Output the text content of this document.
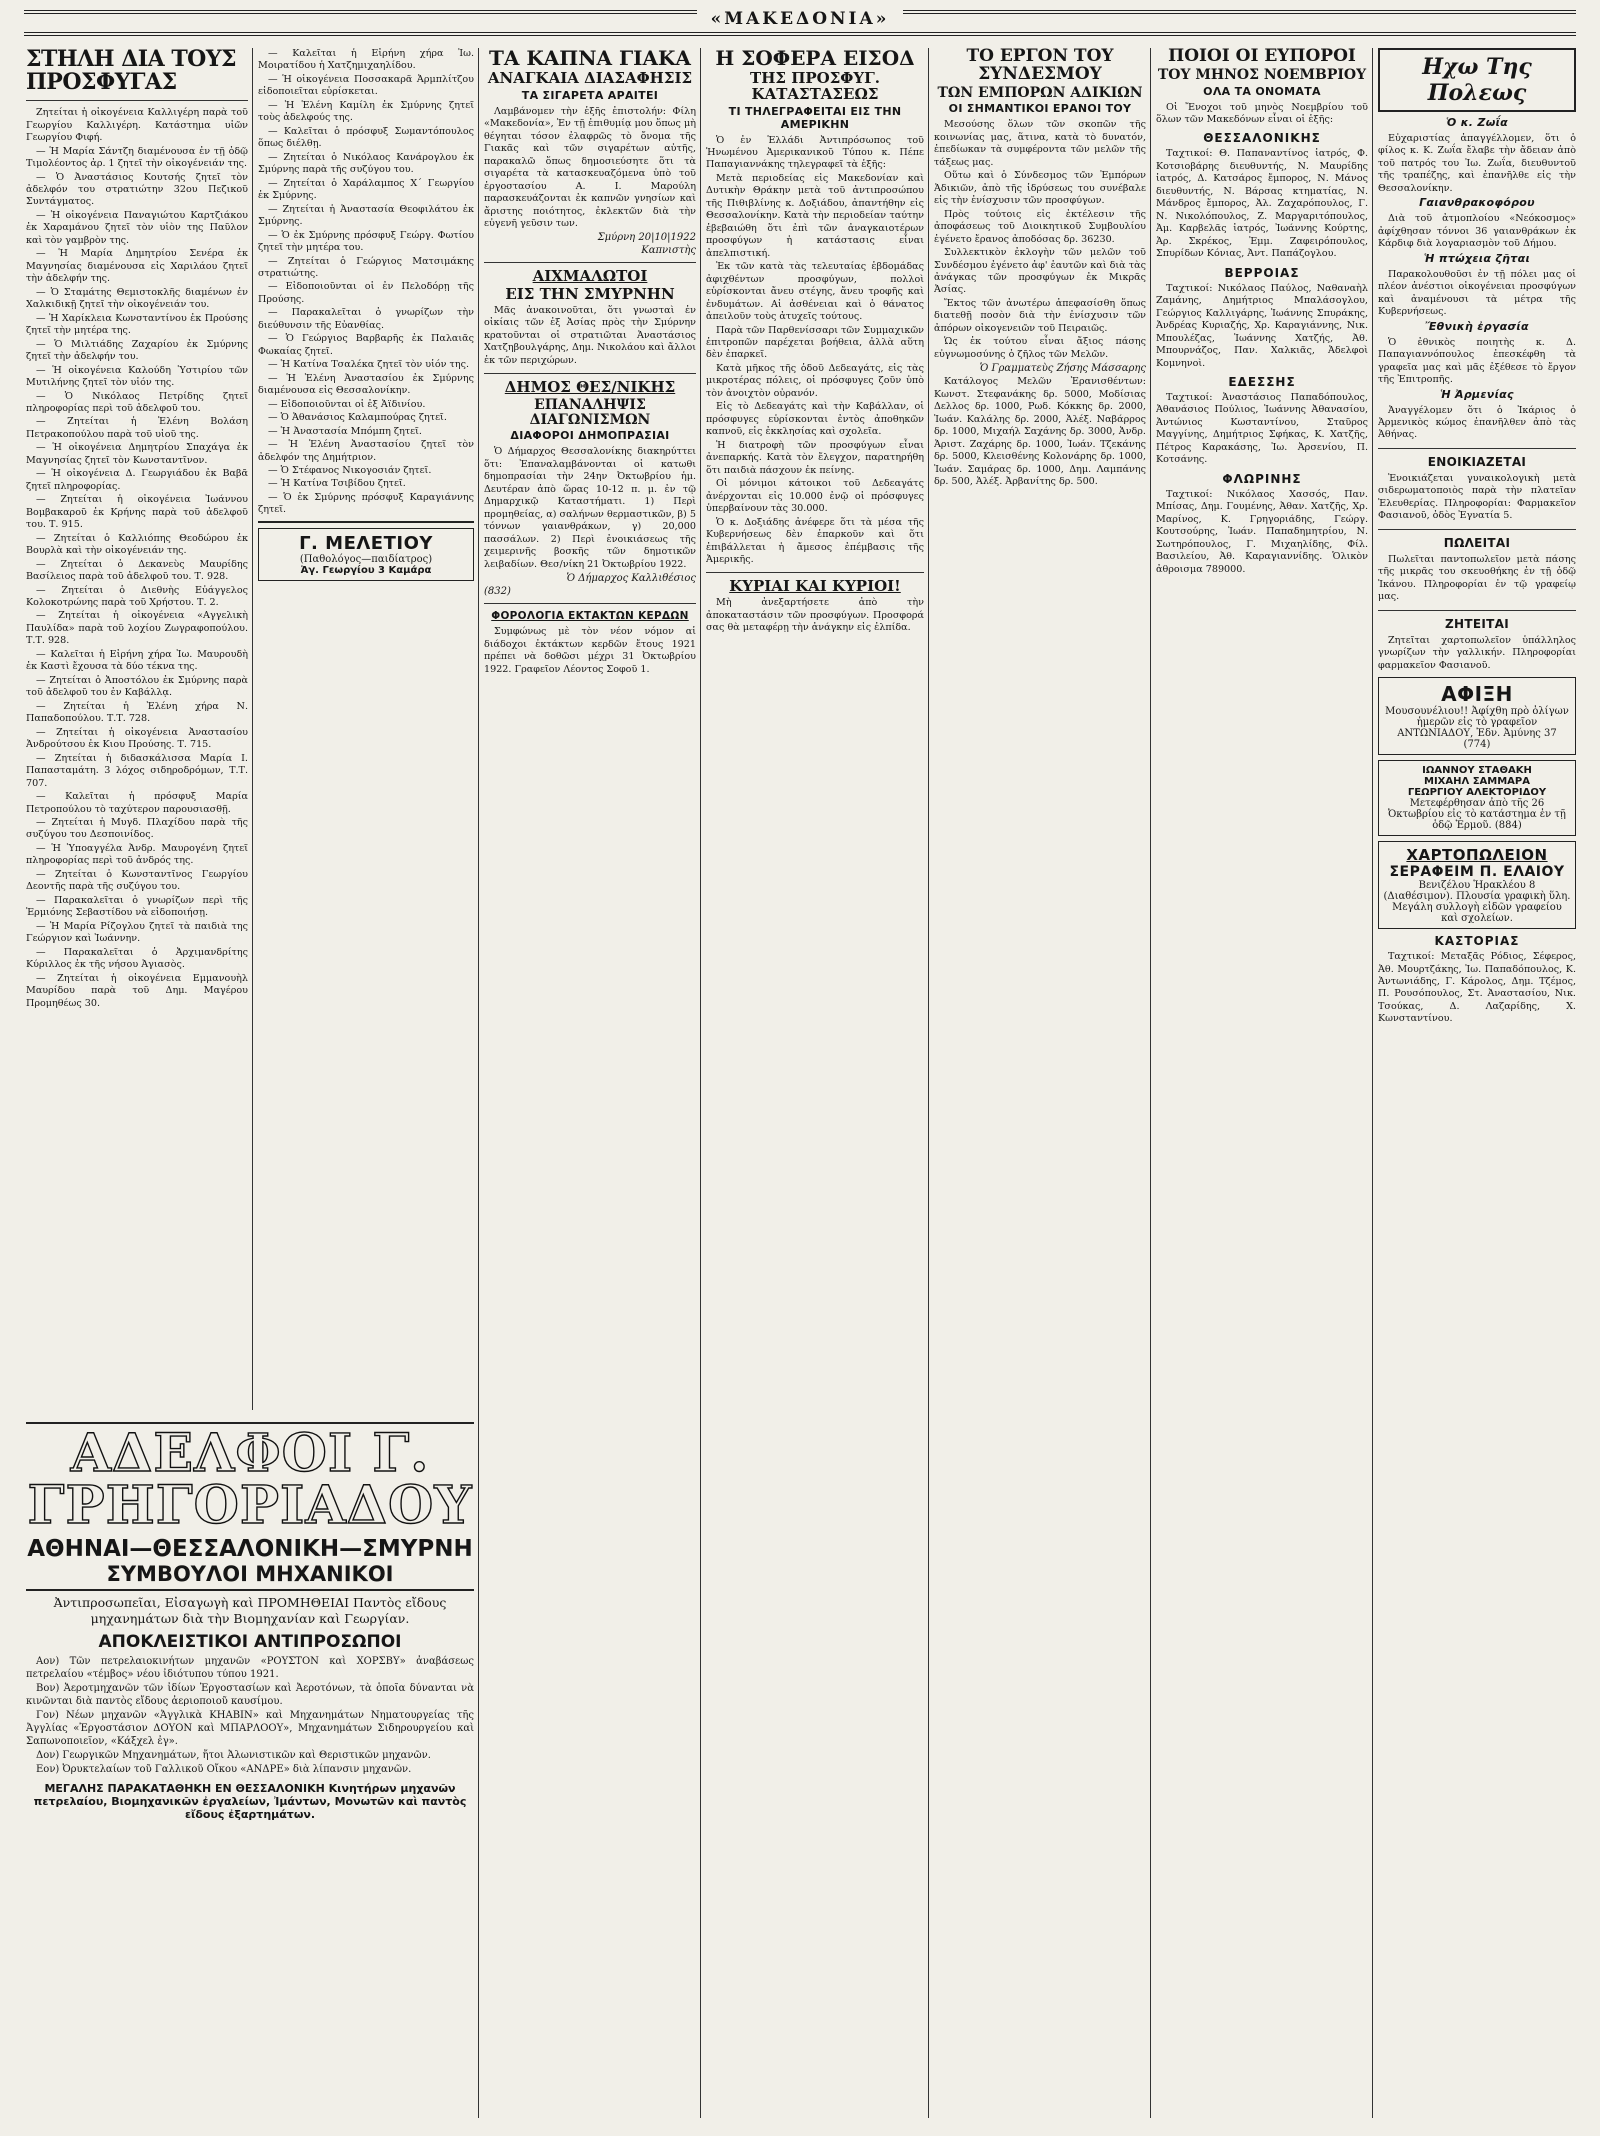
«ΜΑΚΕΔΟΝΙΑ»
ΣΤΗΛΗ ΔΙΑ ΤΟΥΣ ΠΡΟΣΦΥΓΑΣ

Ζητείται ἡ οἰκογένεια Καλλιγέρη παρὰ τοῦ Γεωργίου Καλλιγέρη. Κατάστημα υἱῶν Γεωργίου Φιφή.

— Ἡ Μαρία Σάντζη διαμένουσα ἐν τῇ ὁδῷ Τιμολέοντος ἀρ. 1 ζητεῖ τὴν οἰκογένειάν της.

— Ὁ Ἀναστάσιος Κουτσής ζητεῖ τὸν ἀδελφόν του στρατιώτην 32ου Πεζικοῦ Συντάγματος.

— Ἡ οἰκογένεια Παναγιώτου Καρτζιάκου ἐκ Χαραμάνου ζητεῖ τὸν υἱὸν της Παῦλον καὶ τὸν γαμβρὸν της.

— Ἡ Μαρία Δημητρίου Σενέρα ἐκ Μαγνησίας διαμένουσα εἰς Χαριλάου ζητεῖ τὴν ἀδελφήν της.

— Ὁ Σταμάτης Θεμιστοκλῆς διαμένων ἐν Χαλκιδικῇ ζητεῖ τὴν οἰκογένειάν του.

— Ἡ Χαρίκλεια Κωνσταντίνου ἐκ Προύσης ζητεῖ τὴν μητέρα της.

— Ὁ Μιλτιάδης Ζαχαρίου ἐκ Σμύρνης ζητεῖ τὴν ἀδελφήν του.

— Ἡ οἰκογένεια Καλούδη Ὑστιρίου τῶν Μυτιλήνης ζητεῖ τὸν υἱόν της.

— Ὁ Νικόλαος Πετρίδης ζητεῖ πληροφορίας περὶ τοῦ ἀδελφοῦ του.

— Ζητείται ἡ Ἑλένη Βολάση Πετρακοπούλου παρὰ τοῦ υἱοῦ της.

— Ἡ οἰκογένεια Δημητρίου Σπαχάγα ἐκ Μαγνησίας ζητεῖ τὸν Κωνσταντῖνον.

— Ἡ οἰκογένεια Δ. Γεωργιάδου ἐκ Βαβᾶ ζητεῖ πληροφορίας.

— Ζητείται ἡ οἰκογένεια Ἰωάννου Βομβακαροῦ ἐκ Κρήνης παρὰ τοῦ ἀδελφοῦ του. Τ. 915.

— Ζητείται ὁ Καλλιόπης Θεοδώρου ἐκ Βουρλὰ καὶ τὴν οἰκογένειάν της.

— Ζητείται ὁ Δεκανεὺς Μαυρίδης Βασίλειος παρὰ τοῦ ἀδελφοῦ του. Τ. 928.

— Ζητείται ὁ Διεθνὴς Εὐάγγελος Κολοκοτρώνης παρὰ τοῦ Χρήστου. Τ. 2.

— Ζητείται ἡ οἰκογένεια «Αγγελικὴ Παυλίδα» παρὰ τοῦ λοχίου Ζωγραφοπούλου. Τ.Τ. 928.

— Καλεῖται ἡ Εἰρήνη χήρα Ἰω. Μαυρουδὴ ἐκ Καστὶ ἔχουσα τὰ δύο τέκνα της.

— Ζητείται ὁ Ἀποστόλου ἐκ Σμύρνης παρὰ τοῦ ἀδελφοῦ του ἐν Καβάλλᾳ.

— Ζητείται ἡ Ἐλένη χήρα Ν. Παπαδοπούλου. Τ.Τ. 728.

— Ζητείται ἡ οἰκογένεια Ἀναστασίου Ἀνδρούτσου ἐκ Κιου Προύσης. Τ. 715.

— Ζητείται ἡ διδασκάλισσα Μαρία Ι. Παπασταμάτη. 3 λόχος σιδηροδρόμων, Τ.Τ. 707.

— Καλεῖται ἡ πρόσφυξ Μαρία Πετροπούλου τὸ ταχύτερον παρουσιασθῇ.

— Ζητείται ἡ Μυγδ. Πλαχίδου παρὰ τῆς συζύγου του Δεσποινίδος.

— Ἡ Ὑποαγγέλα Ἀνδρ. Μαυρογένη ζητεῖ πληροφορίας περὶ τοῦ ἀνδρός της.

— Ζητείται ὁ Κωνσταντῖνος Γεωργίου Δεοντῆς παρὰ τῆς συζύγου του.

— Παρακαλεῖται ὁ γνωρίζων περὶ τῆς Ἐρμιόνης Σεβαστίδου νὰ εἰδοποιήσῃ.

— Ἡ Μαρία Ρίζογλου ζητεῖ τὰ παιδιὰ της Γεώργιον καὶ Ἰωάννην.

— Παρακαλεῖται ὁ Ἀρχιμανδρίτης Κύριλλος ἐκ τῆς νήσου Ἀγιασὸς.

— Ζητείται ἡ οἰκογένεια Εμμανουὴλ Μαυρίδου παρὰ τοῦ Δημ. Μαγέρου Προμηθέως 30.

— Καλεῖται ἡ Εἰρήνη χήρα Ἰω. Μοιρατίδου ἡ Χατζημιχαηλίδου.

— Ἡ οἰκογένεια Ποσσακαρᾶ Ἀρμπλίτζου εἰδοποιεῖται εὑρίσκεται.

— Ἡ Ἑλένη Καμίλη ἐκ Σμύρνης ζητεῖ τοὺς ἀδελφούς της.

— Καλεῖται ὁ πρόσφυξ Σωμαντόπουλος ὅπως διέλθῃ.

— Ζητείται ὁ Νικόλαος Κανάρογλου ἐκ Σμύρνης παρὰ τῆς συζύγου του.

— Ζητείται ὁ Χαράλαμπος Χ΄ Γεωργίου ἐκ Σμύρνης.

— Ζητείται ἡ Ἀναστασία Θεοφιλάτου ἐκ Σμύρνης.

— Ὁ ἐκ Σμύρνης πρόσφυξ Γεώργ. Φωτίου ζητεῖ τὴν μητέρα του.

— Ζητείται ὁ Γεώργιος Ματσιμάκης στρατιώτης.

— Εἰδοποιοῦνται οἱ ἐν Πελοδόρῃ τῆς Προύσης.

— Παρακαλεῖται ὁ γνωρίζων τὴν διεύθυνσιν τῆς Εὐανθίας.

— Ὁ Γεώργιος Βαρβαρῆς ἐκ Παλαιᾶς Φωκαίας ζητεῖ.

— Ἡ Κατίνα Τσαλέκα ζητεῖ τὸν υἱόν της.

— Ἡ Ἑλένη Ἀναστασίου ἐκ Σμύρνης διαμένουσα εἰς Θεσσαλονίκην.

— Εἰδοποιοῦνται οἱ ἐξ Ἀϊδινίου.

— Ὁ Ἀθανάσιος Καλαμπούρας ζητεῖ.

— Ἡ Ἀναστασία Μπόμπη ζητεῖ.

— Ἡ Ἑλένη Ἀναστασίου ζητεῖ τὸν ἀδελφόν της Δημήτριον.

— Ὁ Στέφανος Νικογοσιάν ζητεῖ.

— Ἡ Κατίνα Τσιβίδου ζητεῖ.

— Ὁ ἐκ Σμύρνης πρόσφυξ Καραγιάννης ζητεῖ.

Γ. ΜΕΛΕΤΙΟΥ
(Παθολόγος—παιδίατρος)
Ἀγ. Γεωργίου 3 Καμάρα
ΑΔΕΛΦΟΙ Γ. ΓΡΗΓΟΡΙΑΔΟΥ
ΑΘΗΝΑΙ—ΘΕΣΣΑΛΟΝΙΚΗ—ΣΜΥΡΝΗ
ΣΥΜΒΟΥΛΟΙ ΜΗΧΑΝΙΚΟΙ
Ἀντιπροσωπεῖαι, Εἰσαγωγὴ καὶ ΠΡΟΜΗΘΕΙΑΙ Παντὸς εἴδους μηχανημάτων διὰ τὴν Βιομηχανίαν καὶ Γεωργίαν.
ΑΠΟΚΛΕΙΣΤΙΚΟΙ ΑΝΤΙΠΡΟΣΩΠΟΙ

Αον) Τῶν πετρελαιοκινήτων μηχανῶν «ΡΟΥΣΤΟΝ καὶ ΧΟΡΣΒΥ» ἀναβάσεως πετρελαίου «τέμβος» νέου ἰδιότυπου τύπου 1921.

Βον) Ἀεροτμηχανῶν τῶν ἰδίων Ἐργοστασίων καὶ Ἀεροτόνων, τὰ ὁποῖα δύνανται νὰ κινῶνται διὰ παντὸς εἴδους ἀεριοποιοῦ καυσίμου.

Γον) Νέων μηχανῶν «Ἀγγλικὰ ΚΗΑΒΙΝ» καὶ Μηχανημάτων Νηματουργείας τῆς Ἀγγλίας «Ἐργοστάσιον ΔΟΥΟΝ καὶ ΜΠΑΡΛΟΟΥ», Μηχανημάτων Σιδηρουργείου καὶ Σαπωνοποιεῖον, «Κάξχελ ἐγ».

Δον) Γεωργικῶν Μηχανημάτων, ἤτοι Ἀλωνιστικῶν καὶ Θεριστικῶν μηχανῶν.

Εον) Ὀρυκτελαίων τοῦ Γαλλικοῦ Οἴκου «ΑΝΔΡΕ» διὰ λίπανσιν μηχανῶν.

ΜΕΓΑΛΗΣ ΠΑΡΑΚΑΤΑΘΗΚΗ ΕΝ ΘΕΣΣΑΛΟΝΙΚΗ Κινητήρων μηχανῶν πετρελαίου, Βιομηχανικῶν ἐργαλείων, Ἰμάντων, Μονωτῶν καὶ παντὸς εἴδους ἐξαρτημάτων.
ΤΑ ΚΑΠΝΑ ΓΙΑΚΑ
ΑΝΑΓΚΑΙΑ ΔΙΑΣΑΦΗΣΙΣ
ΤΑ ΣΙΓΑΡΕΤΑ ΑΡΑΙΤΕΙ

Λαμβάνομεν τὴν ἑξῆς ἐπιστολήν: Φίλη «Μακεδονία», Ἐν τῇ ἐπιθυμίᾳ μου ὅπως μὴ θέγηται τόσον ἐλαφρῶς τὸ ὄνομα τῆς Γιακᾶς καὶ τῶν σιγαρέτων αὐτῆς, παρακαλῶ ὅπως δημοσιεύσητε ὅτι τὰ σιγαρέτα τὰ κατασκευαζόμενα ὑπὸ τοῦ ἐργοστασίου Α. Ι. Μαρούλη παρασκευάζονται ἐκ καπνῶν γνησίων καὶ ἄριστης ποιότητος, ἐκλεκτῶν διὰ τὴν εὐγενῆ γεῦσιν των.

Σμύρνη 20|10|1922
Καπνιστὴς
ΑΙΧΜΑΛΩΤΟΙ
ΕΙΣ ΤΗΝ ΣΜΥΡΝΗΝ

Μᾶς ἀνακοινοῦται, ὅτι γνωσταὶ ἐν οἰκίαις τῶν ἐξ Ἀσίας πρὸς τὴν Σμύρνην κρατοῦνται οἱ στρατιῶται Ἀναστάσιος Χατζηβουλγάρης, Δημ. Νικολάου καὶ ἄλλοι ἐκ τῶν περιχώρων.

ΔΗΜΟΣ ΘΕΣ/ΝΙΚΗΣ
ΕΠΑΝΑΛΗΨΙΣ ΔΙΑΓΩΝΙΣΜΩΝ
ΔΙΑΦΟΡΟΙ ΔΗΜΟΠΡΑΣΙΑΙ

Ὁ Δήμαρχος Θεσσαλονίκης διακηρύττει ὅτι: Ἐπαναλαμβάνονται οἱ κατωθι δημοπρασίαι τὴν 24ην Ὀκτωβρίου ἡμ. Δευτέραν ἀπὸ ὥρας 10-12 π. μ. ἐν τῷ Δημαρχικῷ Καταστήματι. 1) Περὶ προμηθείας, α) σαλήνων θερμαστικῶν, β) 5 τόννων γαιανθράκων, γ) 20,000 πασσάλων. 2) Περὶ ἐνοικιάσεως τῆς χειμερινῆς βοσκῆς τῶν δημοτικῶν λειβαδίων. Θεσ/νίκη 21 Ὀκτωβρίου 1922.

Ὁ Δήμαρχος Καλλιθέσιος
(832)
ΦΟΡΟΛΟΓΙΑ ΕΚΤΑΚΤΩΝ ΚΕΡΔΩΝ

Συμφώνως μὲ τὸν νέον νόμον αἱ διάδοχοι ἐκτάκτων κερδῶν ἔτους 1921 πρέπει νὰ δοθῶσι μέχρι 31 Ὀκτωβρίου 1922. Γραφεῖον Λέοντος Σοφοῦ 1.

Η ΣΟΦΕΡΑ ΕΙΣΟΔ
ΤΗΣ ΠΡΟΣΦΥΓ. ΚΑΤΑΣΤΑΣΕΩΣ
ΤΙ ΤΗΛΕΓΡΑΦΕΙΤΑΙ ΕΙΣ ΤΗΝ ΑΜΕΡΙΚΗΝ

Ὁ ἐν Ἑλλάδι Ἀντιπρόσωπος τοῦ Ἡνωμένου Ἀμερικανικοῦ Τύπου κ. Πέπε Παπαγιαννάκης τηλεγραφεῖ τὰ ἑξῆς:

Μετὰ περιοδείας εἰς Μακεδονίαν καὶ Δυτικὴν Θράκην μετὰ τοῦ ἀντιπροσώπου τῆς Πιθιβλίνης κ. Δοξιάδου, ἀπαντήθην εἰς Θεσσαλονίκην. Κατὰ τὴν περιοδείαν ταύτην ἐβεβαιώθη ὅτι ἐπὶ τῶν ἀναγκαιοτέρων προσφύγων ἡ κατάστασις εἶναι ἀπελπιστική.

Ἐκ τῶν κατὰ τὰς τελευταίας ἑβδομάδας ἀφιχθέντων προσφύγων, πολλοὶ εὑρίσκονται ἄνευ στέγης, ἄνευ τροφῆς καὶ ἐνδυμάτων. Αἱ ἀσθένειαι καὶ ὁ θάνατος ἀπειλοῦν τοὺς ἀτυχεῖς τούτους.

Παρὰ τῶν Παρθενίσσαρι τῶν Συμμαχικῶν ἐπιτροπῶν παρέχεται βοήθεια, ἀλλὰ αὕτη δὲν ἐπαρκεῖ.

Κατὰ μῆκος τῆς ὁδοῦ Δεδεαγάτς, εἰς τὰς μικροτέρας πόλεις, οἱ πρόσφυγες ζοῦν ὑπὸ τὸν ἀνοιχτὸν οὐρανόν.

Εἰς τὸ Δεδεαγάτς καὶ τὴν Καβάλλαν, οἱ πρόσφυγες εὑρίσκονται ἐντὸς ἀποθηκῶν καπνοῦ, εἰς ἐκκλησίας καὶ σχολεῖα.

Ἡ διατροφὴ τῶν προσφύγων εἶναι ἀνεπαρκής. Κατὰ τὸν ἔλεγχον, παρατηρήθη ὅτι παιδιὰ πάσχουν ἐκ πείνης.

Οἱ μόνιμοι κάτοικοι τοῦ Δεδεαγάτς ἀνέρχονται εἰς 10.000 ἐνῷ οἱ πρόσφυγες ὑπερβαίνουν τὰς 30.000.

Ὁ κ. Δοξιάδης ἀνέφερε ὅτι τὰ μέσα τῆς Κυβερνήσεως δὲν ἐπαρκοῦν καὶ ὅτι ἐπιβάλλεται ἡ ἄμεσος ἐπέμβασις τῆς Ἀμερικῆς.

ΚΥΡΙΑΙ ΚΑΙ ΚΥΡΙΟΙ!

Μὴ ἀνεξαρτήσετε ἀπὸ τὴν ἀποκαταστάσιν τῶν προσφύγων. Προσφορά σας θὰ μεταφέρῃ τὴν ἀνάγκην εἰς ἐλπίδα.

ΤΟ ΕΡΓΟΝ ΤΟΥ ΣΥΝΔΕΣΜΟΥ
ΤΩΝ ΕΜΠΟΡΩΝ ΑΔΙΚΙΩΝ
ΟΙ ΣΗΜΑΝΤΙΚΟΙ ΕΡΑΝΟΙ ΤΟΥ

Μεσούσης ὅλων τῶν σκοπῶν τῆς κοινωνίας μας, ἅτινα, κατὰ τὸ δυνατόν, ἐπεδίωκαν τὰ συμφέροντα τῶν μελῶν τῆς τάξεως μας.

Οὕτω καὶ ὁ Σύνδεσμος τῶν Ἐμπόρων Ἀδικιῶν, ἀπὸ τῆς ἱδρύσεως του συνέβαλε εἰς τὴν ἐνίσχυσιν τῶν προσφύγων.

Πρὸς τούτοις εἰς ἐκτέλεσιν τῆς ἀποφάσεως τοῦ Διοικητικοῦ Συμβουλίου ἐγένετο ἔρανος ἀποδόσας δρ. 36230.

Συλλεκτικὸν ἐκλογὴν τῶν μελῶν τοῦ Συνδέσμου ἐγένετο ἀφ' ἑαυτῶν καὶ διὰ τὰς ἀνάγκας τῶν προσφύγων ἐκ Μικρᾶς Ἀσίας.

Ἔκτος τῶν ἀνωτέρω ἀπεφασίσθη ὅπως διατεθῇ ποσὸν διὰ τὴν ἐνίσχυσιν τῶν ἀπόρων οἰκογενειῶν τοῦ Πειραιῶς.

Ὡς ἐκ τούτου εἶναι ἄξιος πάσης εὐγνωμοσύνης ὁ ζῆλος τῶν Μελῶν.

Ὁ Γραμματεὺς Ζήσης Μάσσαρης

Κατάλογος Μελῶν Ἐρανισθέντων: Κωνστ. Στεφανάκης δρ. 5000, Μοδίσιας Δελλος δρ. 1000, Ρωδ. Κόκκης δρ. 2000, Ἰωάν. Καλάλης δρ. 2000, Ἀλέξ. Ναβάρρος δρ. 1000, Μιχαήλ Σαχάνης δρ. 3000, Ἀνδρ. Ἀριστ. Ζαχάρης δρ. 1000, Ἰωάν. Τζεκάνης δρ. 5000, Κλεισθένης Κολονάρης δρ. 1000, Ἰωάν. Σαμάρας δρ. 1000, Δημ. Λαμπάνης δρ. 500, Ἀλέξ. Ἀρβανίτης δρ. 500.

ΠΟΙΟΙ ΟΙ ΕΥΠΟΡΟΙ
ΤΟΥ ΜΗΝΟΣ ΝΟΕΜΒΡΙΟΥ
ΟΛΑ ΤΑ ΟΝΟΜΑΤΑ

Οἱ Ἔνοχοι τοῦ μηνὸς Νοεμβρίου τοῦ ὅλων τῶν Μακεδόνων εἶναι οἱ ἑξῆς:

ΘΕΣΣΑΛΟΝΙΚΗΣ

Ταχτικοί: Θ. Παπαναντίνος ἰατρός, Φ. Κοτσιοβάρης διευθυντής, Ν. Μαυρίδης ἰατρός, Δ. Κατσάρος ἔμπορος, Ν. Μάνος διευθυντής, Ν. Βάρσας κτηματίας, Ν. Μάνδρος ἔμπορος, Ἀλ. Ζαχαρόπουλος, Γ. Ν. Νικολόπουλος, Ζ. Μαργαριτόπουλος, Ἀμ. Καρβελᾶς ἰατρός, Ἰωάννης Κούρτης, Ἀρ. Σκρέκος, Ἐμμ. Ζαφειρόπουλος, Σπυρίδων Κόνιας, Ἀντ. Παπάζογλου.

ΒΕΡΡΟΙΑΣ

Ταχτικοί: Νικόλαος Παύλος, Ναθαναὴλ Ζαμάνης, Δημήτριος Μπαλάσογλου, Γεώργιος Καλλιγάρης, Ἰωάννης Σπυράκης, Ἀνδρέας Κυριαζής, Χρ. Καραγιάννης, Νικ. Μπουλέζας, Ἰωάννης Χατζής, Ἀθ. Μπουρνάζος, Παν. Χαλκιᾶς, Ἀδελφοὶ Κομνηνοὶ.

ΕΔΕΣΣΗΣ

Ταχτικοί: Ἀναστάσιος Παπαδόπουλος, Ἀθανάσιος Πούλιος, Ἰωάννης Ἀθανασίου, Ἀντώνιος Κωσταντίνου, Σταῦρος Μαγγίνης, Δημήτριος Σφήκας, Κ. Χατζῆς, Πέτρος Καρακάσης, Ἰω. Ἀρσενίου, Π. Κοτσάνης.

ΦΛΩΡΙΝΗΣ

Ταχτικοί: Νικόλαος Χασσός, Παν. Μπίσας, Δημ. Γουμένης, Ἀθαν. Χατζῆς, Χρ. Μαρίνος, Κ. Γρηγοριάδης, Γεώργ. Κουτσούρης, Ἰωάν. Παπαδημητρίου, Ν. Σωτηρόπουλος, Γ. Μιχαηλίδης, Φίλ. Βασιλείου, Ἀθ. Καραγιαννίδης. Ὁλικὸν ἀθροισμα 789000.

Ηχω Της Πολεως
Ὁ κ. Ζωΐα

Εὐχαριστίας ἀπαγγέλλομεν, ὅτι ὁ φίλος κ. Κ. Ζωΐα ἔλαβε τὴν ἄδειαν ἀπὸ τοῦ πατρός του Ἰω. Ζωΐα, διευθυντοῦ τῆς τραπέζης, καὶ ἐπανῆλθε εἰς τὴν Θεσσαλονίκην.

Γαιανθρακοφόρου

Διὰ τοῦ ἀτμοπλοίου «Νεόκοσμος» ἀφίχθησαν τόννοι 36 γαιανθράκων ἐκ Κάρδιφ διὰ λογαριασμὸν τοῦ Δήμου.

Ἡ πτώχεια ζῆται

Παρακολουθοῦσι ἐν τῇ πόλει μας οἱ πλέον ἀνέστιοι οἰκογένειαι προσφύγων καὶ ἀναμένουσι τὰ μέτρα τῆς Κυβερνήσεως.

Ἔθνικὴ ἐργασία

Ὁ ἐθνικὸς ποιητὴς κ. Δ. Παπαγιαννόπουλος ἐπεσκέφθη τὰ γραφεῖα μας καὶ μᾶς ἐξέθεσε τὸ ἔργον τῆς Ἐπιτροπῆς.

Ἡ Ἀρμενίας

Ἀναγγέλομεν ὅτι ὁ Ἰκάριος ὁ Ἀρμενικὸς κώμος ἐπανῆλθεν ἀπὸ τὰς Ἀθήνας.

ΕΝΟΙΚΙΑΖΕΤΑΙ

Ἐνοικιάζεται γυναικολογικὴ μετὰ σιδερωματοποιὸς παρὰ τὴν πλατεῖαν Ἐλευθερίας. Πληροφορίαι: Φαρμακεῖον Φασιανοῦ, ὁδὸς Ἐγνατία 5.

ΠΩΛΕΙΤΑΙ

Πωλεῖται παντοπωλεῖον μετὰ πάσης τῆς μικρᾶς του σκευοθήκης ἐν τῇ ὁδῷ Ἰκάνου. Πληροφορίαι ἐν τῷ γραφείῳ μας.

ΖΗΤΕΙΤΑΙ

Ζητεῖται χαρτοπωλεῖον ὑπάλληλος γνωρίζων τὴν γαλλικήν. Πληροφορίαι φαρμακεῖον Φασιανοῦ.

ΑΦΙΞΗ
Μουσουνέλιου!! Ἀφίχθη πρὸ ὀλίγων ἡμερῶν εἰς τὸ γραφεῖον ΑΝΤΩΝΙΑΔΟΥ, Ἐδν. Ἀμύνης 37 (774)
ΙΩΑΝΝΟΥ ΣΤΑΘΑΚΗ
ΜΙΧΑΗΛ ΣΑΜΜΑΡΑ
ΓΕΩΡΓΙΟΥ ΑΛΕΚΤΟΡΙΔΟΥ
Μετεφέρθησαν ἀπὸ τῆς 26 Ὀκτωβρίου εἰς τὸ κατάστημα ἐν τῇ ὁδῷ Ἑρμοῦ. (884)
ΧΑΡΤΟΠΩΛΕΙΟΝ
ΣΕΡΑΦΕΙΜ Π. ΕΛΑΙΟΥ
Βενιζέλου Ἡρακλέου 8 (Διαθέσιμον). Πλουσία γραφικὴ ὕλη. Μεγάλη συλλογὴ εἰδῶν γραφείου καὶ σχολείων.
ΚΑΣΤΟΡΙΑΣ

Ταχτικοί: Μεταξᾶς Ρόδιος, Σέφερος, Ἀθ. Μουρτζάκης, Ἰω. Παπαδόπουλος, Κ. Ἀντωνιάδης, Γ. Κάρολος, Δημ. Τζέμος, Π. Ρουσόπουλος, Στ. Ἀναστασίου, Νικ. Τσούκας, Δ. Λαζαρίδης, Χ. Κωνσταντίνου.
